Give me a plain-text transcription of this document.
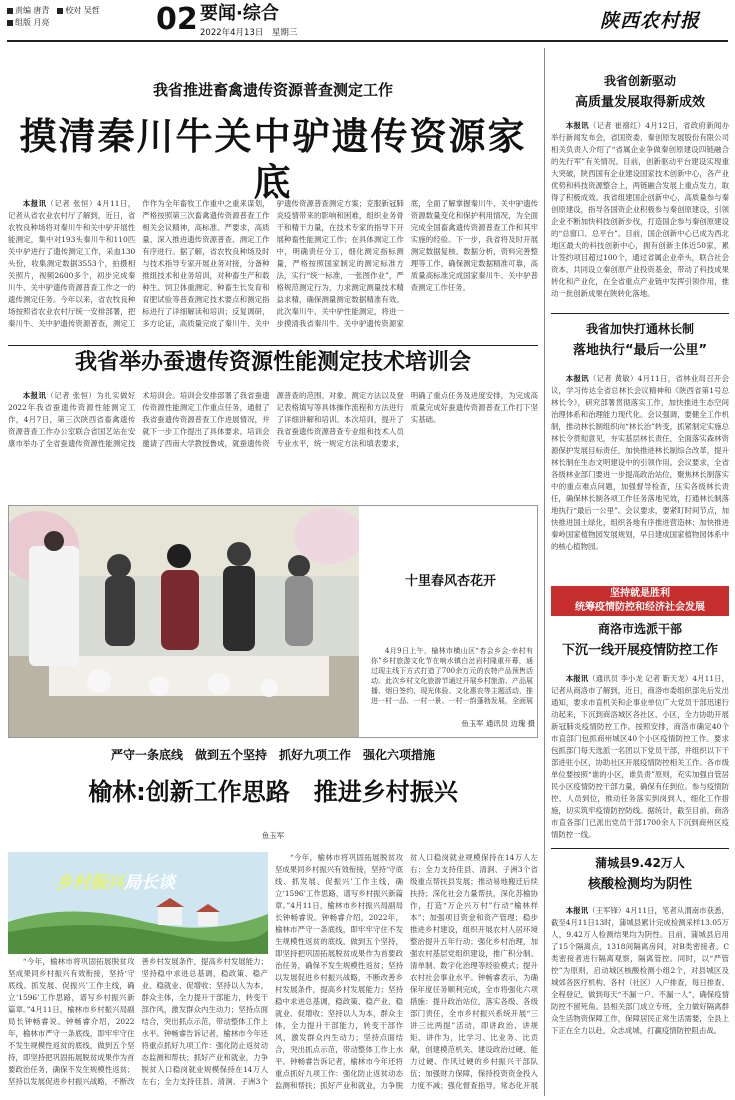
责编 唐青 校对 吴哲
组版 月亮	02 要闻·综合
2022年4月13日　星期三
陕西农村报
我省推进畜禽遗传资源普查测定工作
摸清秦川牛关中驴遗传资源家底

本报讯（记者 张恒）4月11日，记者从省农业农村厅了解到，近日，省农牧良种场将对秦川牛和关中驴开展性能测定，集中对193头秦川牛和110匹关中驴进行了遗传测定工作，采血130头份，收集测定数据3553个，拍摄相关照片，视频2600多个，初步完成秦川牛、关中驴遗传资源普查工作之一的遗传测定任务。今年以来，省农牧良种场按照省农业农村厅统一安排部署，把秦川牛、关中驴遗传资源普查，测定工作作为全年畜牧工作重中之重来谋划，严格按照第三次畜禽遗传资源普查工作相关会议精神，高标准、严要求，高质量、深入推进遗传资源普查、测定工作有序进行。据了解，省农牧良种场及时与技术指导专家开展业务对接，分备种推组技术和业务培训，对种畜生产和载种生、饲卫体重测定、种畜生长发育和育肥试验等普查测定技术要点和测定指标进行了详细解读和培训；反复调研，多方论证，高质量完成了秦川牛、关中驴遗传资源普查测定方案；克服新冠肺炎疫情带来的影响和困难，组织业务骨干和精干力量，在技术专家的指导下开展种畜性能测定工作；在具体测定工作中，明确责任分工，细化测定指标测量，严格按照国家制定的测定标准方法，实行“统一标准，一张图作业”，严格规范测定行为，力求测定测量技术精益求精，确保测量测定数据精准有效。此次秦川牛、关中驴性能测定，将进一步摸清我省秦川牛、关中驴遗传资源家底，全面了解掌握秦川牛、关中驴遗传资源数量变化和保护利用情况，为全面完成全国畜禽遗传资源普查工作和其牢实施的经验。下一步，我省将及时开展测定数据复核、数据分析，资料完善整理等工作，确保测定数据精准可靠，高质量高标准完成国家秦川牛、关中驴普查测定工作任务。

我省举办蚕遗传资源性能测定技术培训会

本报讯（记者 张恒）为扎实做好2022年我省蚕遗传资源性能测定工作，4月7日，第三次陕西省畜禽遗传资源普查工作办公室联合省国艺站在安康市举办了全省蚕遗传资源性能测定技术培训会。培训会安排部署了我省蚕遗传资源性能测定工作重点任务，通报了我省蚕遗传资源普查工作进展情况，并就下一步工作提出了具体要求。培训会邀请了西南大学教授鲁成，就蚕遗传资源普查的范围、对象、测定方法以及登记表格填写等具体操作流程和方法进行了详细讲解和培训。本次培训，提升了我省蚕遗传资源普查专业组和技术人员专业水平，统一规定方法和填表要求，明确了重点任务及进度安排，为完成高质量完成好蚕遗传资源普查工作打下坚实基础。

十里春风杏花开

4月9日上午，榆林市横山区“杏会乡会·幸村有你”乡村旅游文化节在响水镇白岔岩村隆重开幕，通过现主线下方式打造了700余万元的农特产品预售活动。此次乡村文化旅游节通过开展乡村旅游、产品展播、烟日签约、现光体验、文化惠农等主题活动，推进一村一品、一村一景、一村一韵蓬勃发展，全面展

鱼玉军 通讯员 边瑰 摄
严守一条底线　做到五个坚持　抓好九项工作　强化六项措施
榆林:创新工作思路　推进乡村振兴
鱼玉军
乡村振兴局长谈

“今年，榆林市将巩固拓展脱贫攻坚成果同乡村振兴有效衔接，坚持‘守底线、抓发展、促振兴’工作主线，确立‘1596’工作思路，谱写乡村振兴新篇章。”4月11日，榆林市乡村振兴局副局长钟畅睿说。钟畅睿介绍，2022年，榆林市严守一条底线，即牢牢守住不发生规模性返贫的底线，做到五个坚持，即坚持把巩固拓展脱贫成果作为首要政治任务，确保不发生规模性返贫；坚持以发展促进乡村振兴战略，不断改善乡村发展条件，提高乡村发展能力；坚持稳中求进总基调，稳政策、稳产业、稳就业、促增收；坚持以人为本，群众主体，全力提升干部能力，转变干部作风，激发群众内生动力；坚持点面结合，突出抓点示范，带动整体工作上水平。钟畅睿告诉记者，榆林市今年还将重点抓好九项工作：强化防止返贫动态监测和帮扶；抓好产业和就业，力争脱贫人口稳岗就业规模保持在14万人左右；全力支持佳县、清涧、子洲3个

“今年，榆林市将巩固拓展脱贫攻坚成果同乡村振兴有效衔接，坚持‘守底线、抓发展、促振兴’工作主线，确立‘1596’工作思路，谱写乡村振兴新篇章。”4月11日，榆林市乡村振兴局副局长钟畅睿说。钟畅睿介绍，2022年，榆林市严守一条底线，即牢牢守住不发生规模性返贫的底线，做到五个坚持，即坚持把巩固拓展脱贫成果作为首要政治任务，确保不发生规模性返贫；坚持以发展促进乡村振兴战略，不断改善乡村发展条件，提高乡村发展能力；坚持稳中求进总基调，稳政策、稳产业、稳就业、促增收；坚持以人为本，群众主体，全力提升干部能力，转变干部作风，激发群众内生动力；坚持点面结合，突出抓点示范，带动整体工作上水平。钟畅睿告诉记者，榆林市今年还将重点抓好九项工作：强化防止返贫动态监测和帮扶；抓好产业和就业，力争脱贫人口稳岗就业规模保持在14万人左右；全力支持佳县、清涧、子洲3个省级重点帮扶县发展；推动易地搬迁后续扶持；深化社会力量帮扶，深化苏榆协作，打造“万企兴万村”行动“榆林样本”；加强项目资金和资产管理；稳步推进乡村建设，组织开展农村人居环境整治提升五年行动；强化乡村治理，加强农村基层党组织建设，推广积分制、清单制、数字化治理等经验模式；提升农村社会事业水平。钟畅睿表示，为确保年度任务顺利完成，全市将强化六项措施：提升政治站位，落实各级、各级部门责任，全市乡村振兴系统开展“三讲三比两提”活动，即讲政治、讲规矩、讲作为，比学习、比业务、比贡献，创建模范机关、建设政治过硬、能力过硬、作风过硬的乡村振兴干部队伍；加强财力保障，保持投资资金投入力度不减；强化督查指导，常态化开展

我省创新驱动
高质量发展取得新成效

本报讯（记者 崔禧红）4月12日，省政府新闻办举行新闻发布会，省国资委、秦创原发展股份有限公司相关负责人介绍了“省属企业争做秦创原建设四链融合的先行军”有关情况。目前，创新驱动平台建设实现重大突破，陕西国有企业建设国家技术创新中心，各产业优势和科技资源整合上，两链融合发展上重点发力，取得了积极成效。我省组建国企创新中心，高质量参与秦创原建设，指导各国资企业积极参与秦创原建设，引领企业不断加快科技创新步伐，打造国企参与秦创原建设的“总窗口、总平台”。目前，国企创新中心已成为西北地区最大的科技创新中心，拥有创新主体近50家，累计签约项目超过100个，通过省属企业牵头，联合社会资本，共同设立秦创原产业投资基金，带动了科技成果转化和产业化，在全省重点产业链中发挥引领作用，推动一批创新成果在陕转化落地。

我省加快打通林长制
落地执行“最后一公里”

本报讯（记者 黄敏）4月11日，省林业局召开会议，学习传达全省总林长会议精神和《陕西省第1号总林长令》，研究部署贯彻落实工作，加快推进生态空间治理体系和治理能力现代化。会议强调，要健全工作机制，推动林长制组织向“林长治”转变，抓紧制定实施总林长令贯彻意见，夯实基层林长责任，全面落实森林资源保护发展目标责任，加快推进林长制综合改革，提升林长制在生态文明建设中的引领作用。会议要求，全省各级林业部门要进一步提高政治站位，聚焦林长制落实中的重点难点问题，加强督导检查，压实各级林长责任，确保林长制各项工作任务落地见效，打通林长制落地执行“最后一公里”。会议要求，要紧盯时间节点，加快推进国土绿化，组织各地有序推进营造林；加快推进秦岭国家植物园发展规划，早日建成国家植物园体系中的核心植物园。

坚持就是胜利
统筹疫情防控和经济社会发展
商洛市选派干部
下沉一线开展疫情防控工作

本报讯（通讯员 李小龙 记者 靳天龙）4月11日，记者从商洛市了解到，近日，商洛市委组织部先后发出通知，要求市直机关和企事业单位广大党员干部迅速行动起来，下沉到商洛城区各社区、小区，全力协助开展新冠肺炎疫情防控工作。按照安排，商洛市确定40个市直部门包抓商州城区40个小区疫情防控工作。要求包抓部门每天选派一名团以下党员干部，并组织以下干部进驻小区，协助社区开展疫情防控相关工作。各市级单位要按照“谁的小区，谁负责”原则，充实加强自管居民小区疫情防控干部力量，确保有任到位。参与疫情防控、人员到位，推动任务落实到岗到人，细化工作措施，切实筑牢疫情防控防线。据统计，截至目前，商洛市直各部门已派出党员干部1700余人下沉到商州区疫情防控一线。

蒲城县9.42万人
核酸检测均为阴性

本报讯（王军锋）4月11日，笔者从渭南市获悉，截至4月11日13时，蒲城县累计完成检测采样13.05万人，9.42万人检测结果均为阴性。目前，蒲城县启用了15个隔离点，1318间隔离房间，对B类密接者、C类密接者进行隔离观察，隔离管控。同时，以“严管控”为原则，启动城区核酸检测小组2个，对县城区及城郊各医疗机构、各村（社区）入户排查，每日排查、全程登记，做到每天“不漏一户、不漏一人”，确保疫情防控不留死角。县相关部门成立专班，全力做好隔离群众生活物资保障工作，保障居民正常生活需要，全县上下正在全力以赴，众志成城，打赢疫情防控阻击战。
